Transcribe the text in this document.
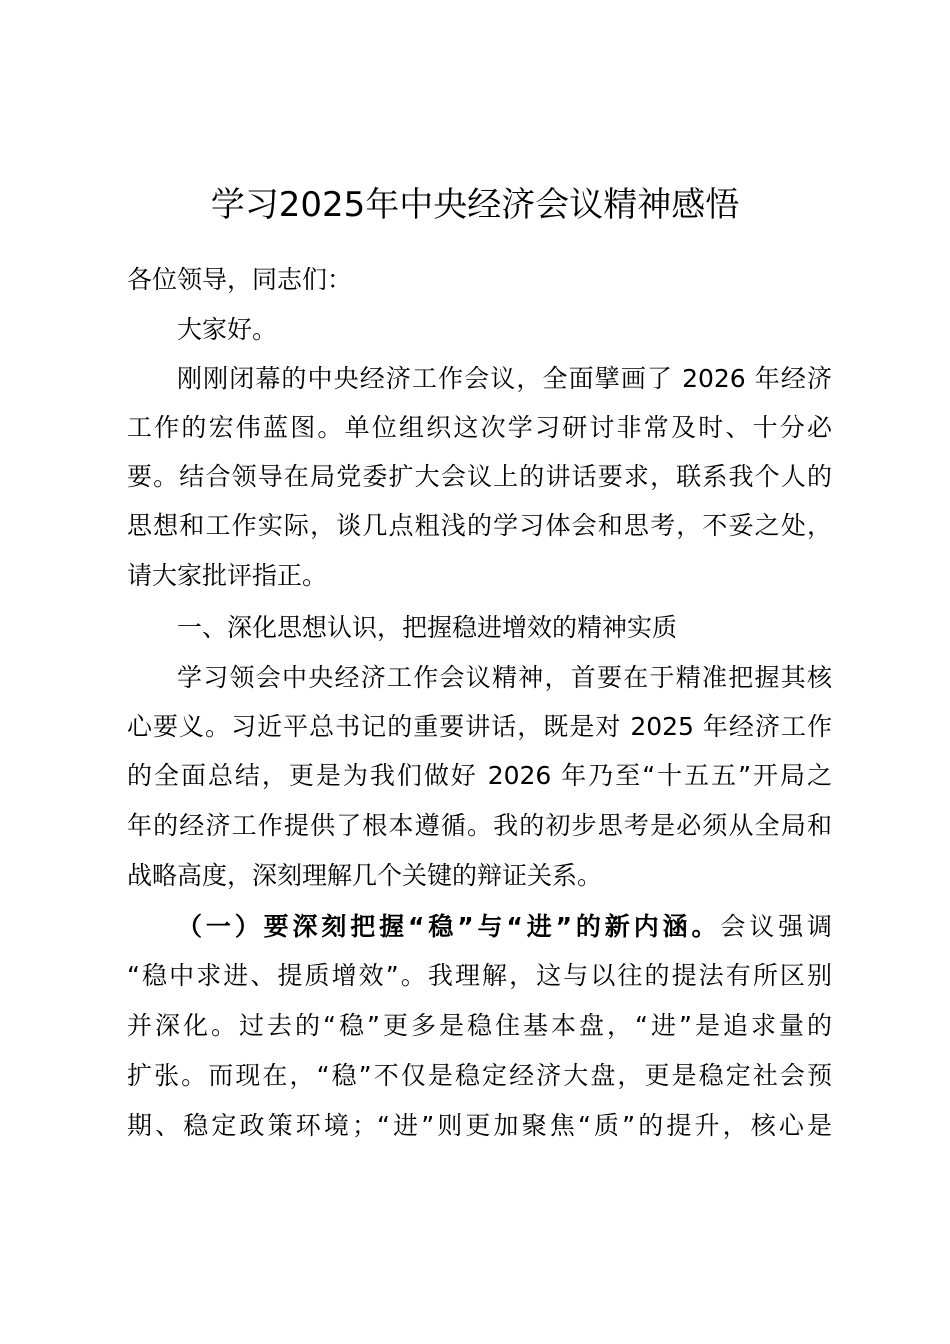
学习2025年中央经济会议精神感悟
各位领导，同志们：
大家好。
刚刚闭幕的中央经济工作会议，全面擘画了 2026 年经济
工作的宏伟蓝图。单位组织这次学习研讨非常及时、十分必
要。结合领导在局党委扩大会议上的讲话要求，联系我个人的
思想和工作实际，谈几点粗浅的学习体会和思考，不妥之处，
请大家批评指正。
一、深化思想认识，把握稳进增效的精神实质
学习领会中央经济工作会议精神，首要在于精准把握其核
心要义。习近平总书记的重要讲话，既是对 2025 年经济工作
的全面总结，更是为我们做好 2026 年乃至“十五五”开局之
年的经济工作提供了根本遵循。我的初步思考是必须从全局和
战略高度，深刻理解几个关键的辩证关系。
（一）要深刻把握“稳”与“进”的新内涵。会议强调
“稳中求进、提质增效”。我理解，这与以往的提法有所区别
并深化。过去的“稳”更多是稳住基本盘，“进”是追求量的
扩张。而现在，“稳”不仅是稳定经济大盘，更是稳定社会预
期、稳定政策环境；“进”则更加聚焦“质”的提升，核心是
